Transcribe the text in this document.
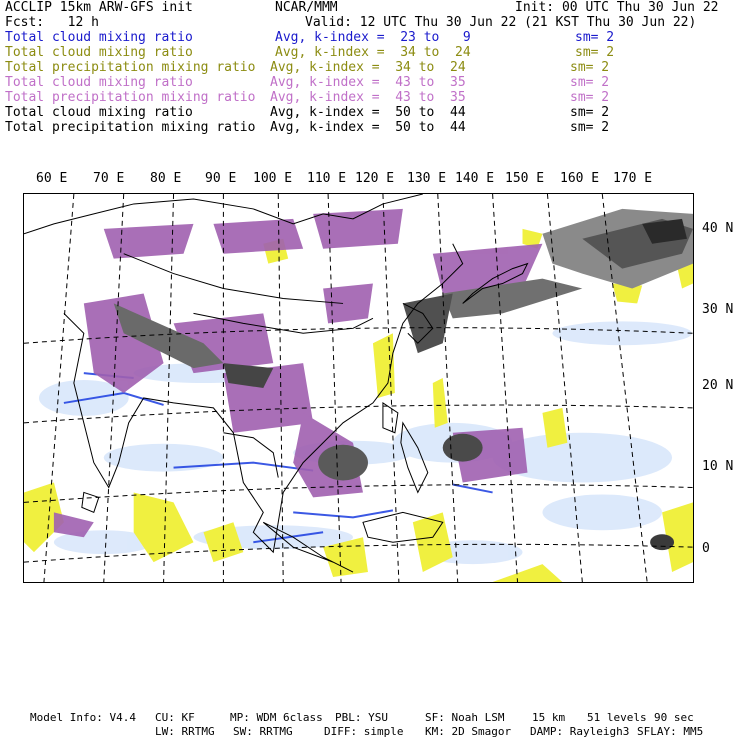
ACCLIP 15km ARW-GFS init	NCAR/MMM	Init: 00 UTC Thu 30 Jun 22
Fcst:   12 h	Valid: 12 UTC Thu 30 Jun 22 (21 KST Thu 30 Jun 22)
Total cloud mixing ratio	Avg, k-index =  23 to   9	sm= 2
Total cloud mixing ratio	Avg, k-index =  34 to  24	sm= 2
Total precipitation mixing ratio Avg, k-index =  34 to  24	sm= 2
Total cloud mixing ratio	Avg, k-index =  43 to  35	sm= 2
Total precipitation mixing ratio Avg, k-index =  43 to  35	sm= 2
Total cloud mixing ratio	Avg, k-index =  50 to  44	sm= 2
Total precipitation mixing ratio Avg, k-index =  50 to  44	sm= 2
60 E 70 E 80 E 90 E 100 E 110 E 120 E 130 E 140 E 150 E 160 E 170 E
40 N
30 N
20 N
10 N
0
Model Info: V4.4 CU: KF	MP: WDM 6class PBL: YSU	SF: Noah LSM	15 km 51 levels 90 sec
LW: RRTMG SW: RRTMG	DIFF: simple KM: 2D Smagor DAMP: Rayleigh3 SFLAY: MM5
